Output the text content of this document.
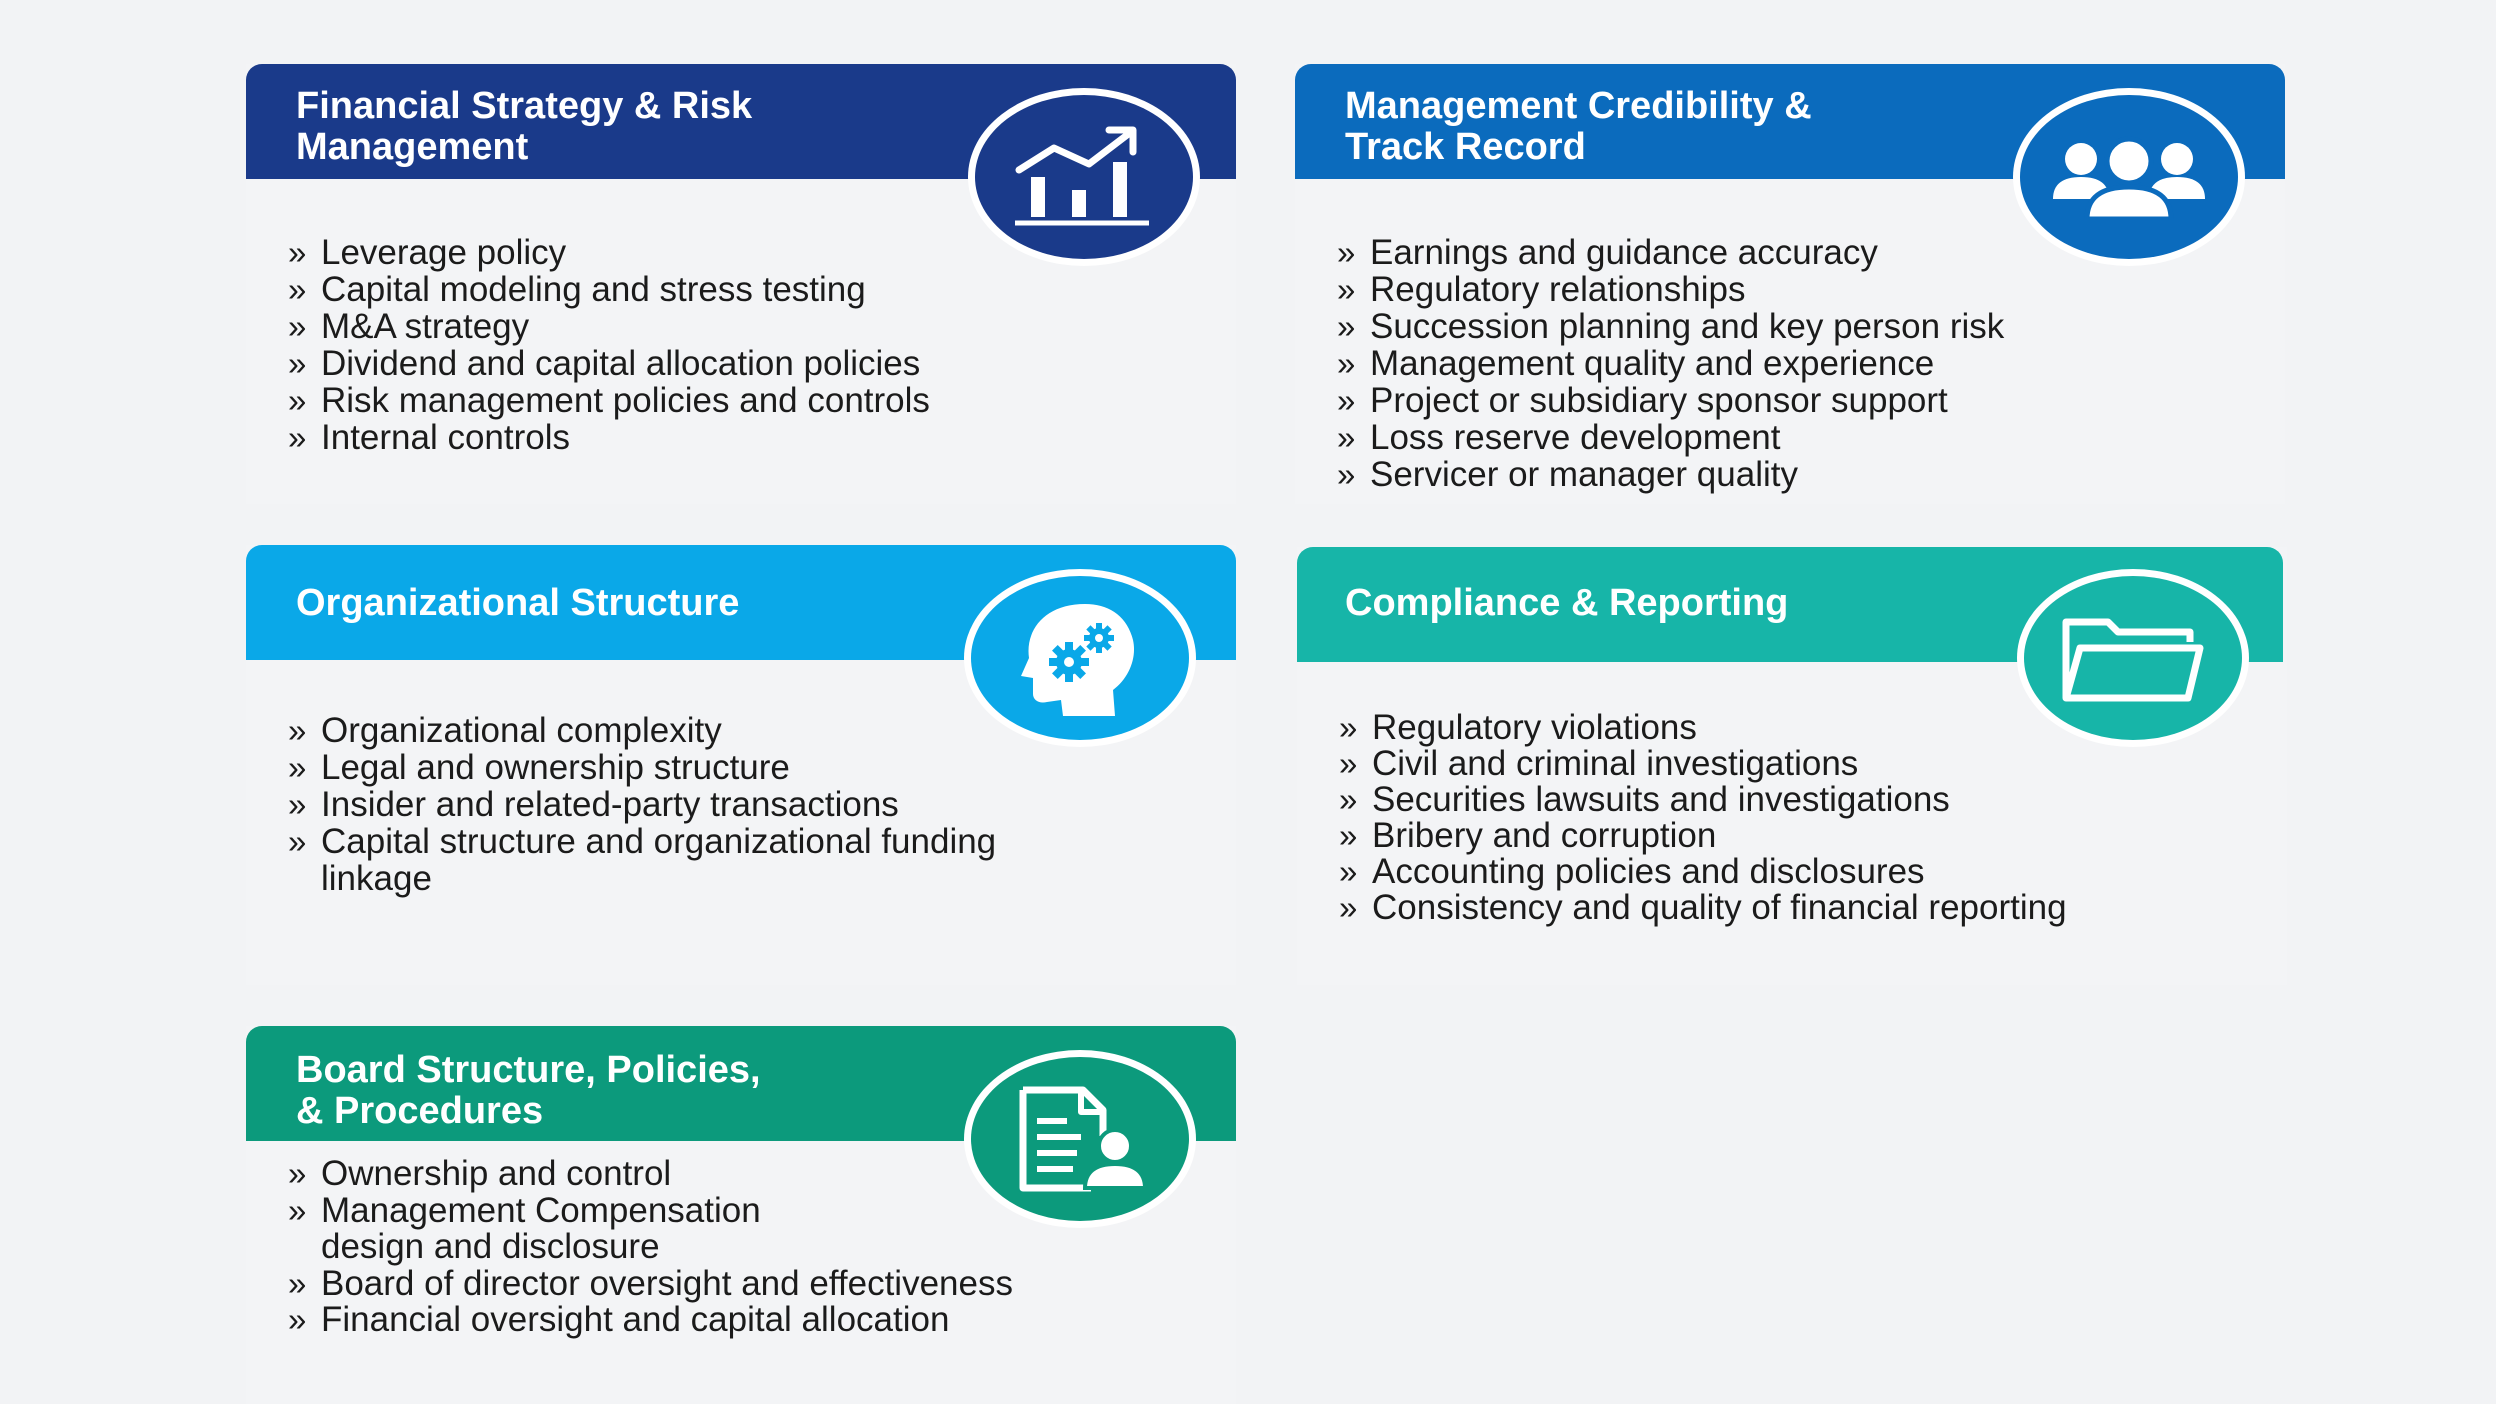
Financial Strategy & Risk
Management
» Leverage policy
» Capital modeling and stress testing
» M&A strategy
» Dividend and capital allocation policies
» Risk management policies and controls
» Internal controls
Management Credibility &
Track Record
» Earnings and guidance accuracy
» Regulatory relationships
» Succession planning and key person risk
» Management quality and experience
» Project or subsidiary sponsor support
» Loss reserve development
» Servicer or manager quality
Organizational Structure
» Organizational complexity
» Legal and ownership structure
» Insider and related-party transactions
» Capital structure and organizational funding
linkage
Compliance & Reporting
» Regulatory violations
» Civil and criminal investigations
» Securities lawsuits and investigations
» Bribery and corruption
» Accounting policies and disclosures
» Consistency and quality of financial reporting
Board Structure, Policies,
& Procedures
» Ownership and control
» Management Compensation
design and disclosure
» Board of director oversight and effectiveness
» Financial oversight and capital allocation
